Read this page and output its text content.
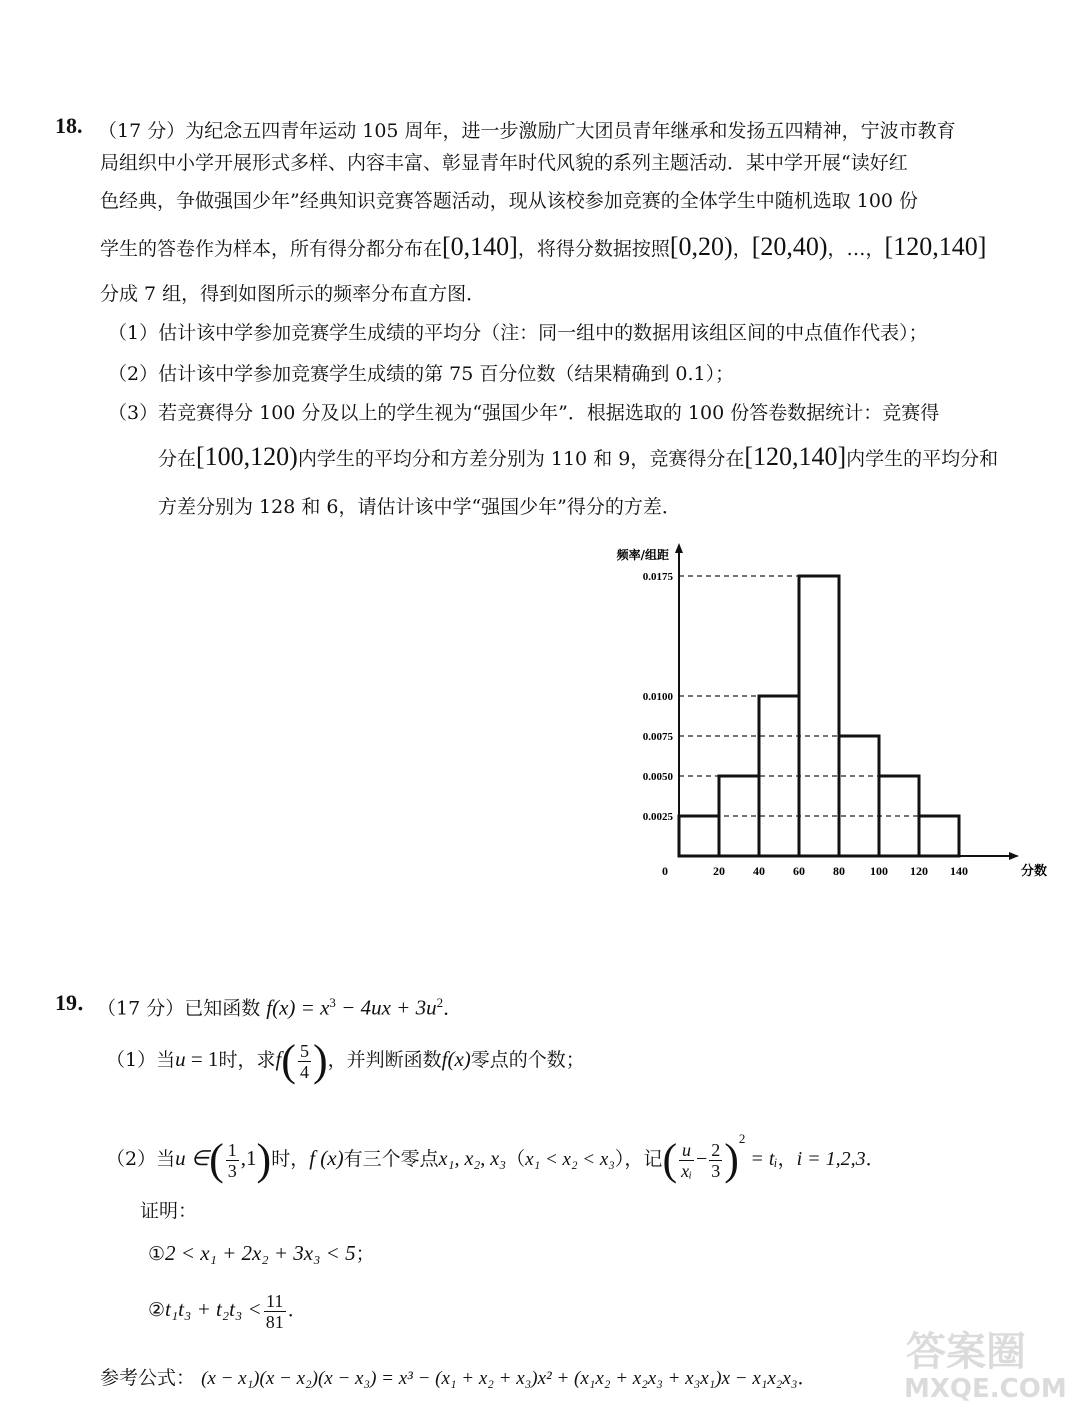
18. （17 分）为纪念五四青年运动 105 周年，进一步激励广大团员青年继承和发扬五四精神，宁波市教育
局组织中小学开展形式多样、内容丰富、彰显青年时代风貌的系列主题活动．某中学开展“读好红
色经典，争做强国少年”经典知识竞赛答题活动，现从该校参加竞赛的全体学生中随机选取 100 份
学生的答卷作为样本，所有得分都分布在[0,140]，将得分数据按照[0,20)，[20,40)，…，[120,140]
分成 7 组，得到如图所示的频率分布直方图．
（1）估计该中学参加竞赛学生成绩的平均分（注：同一组中的数据用该组区间的中点值作代表）；
（2）估计该中学参加竞赛学生成绩的第 75 百分位数（结果精确到 0.1）；
（3）若竞赛得分 100 分及以上的学生视为“强国少年”．根据选取的 100 份答卷数据统计：竞赛得
分在[100,120)内学生的平均分和方差分别为 110 和 9，竞赛得分在[120,140]内学生的平均分和
方差分别为 128 和 6，请估计该中学“强国少年”得分的方差．
0.0025
0.0050
0.0075
0.0100
0.0175
0	20 40 60 80 100 120 140
频率/组距
分数
19．
（17 分）已知函数 $f(x) = x^3 - 4ux + 3u^2$．
（1）当u = 1时，求$f( \frac{5}{4}$ )，并判断函数f(x)零点的个数；
（2）当u ∈( $\frac{1}{3} ,1$)时，f (x)有三个零点x₁, x₂, x₃（x₁ < x₂ < x₃），记( $\frac{u}{\text{xᵢ}} - \frac{2}{3} )^2$ = tᵢ，i = 1,2,3．
证明：
①2 < x₁ + 2x₂ + 3x₃ < 5；
②t₁t₃ + $t_2t_3 < \frac{11}{81}$ ．
参考公式： (x − x₁)(x − x₂)(x − x₃) = x³ − (x₁ + x₂ + x₃)x² + (x₁x₂ + x₂x₃ + x₃x₁)x − x₁x₂x₃．
答案圈
MXQE.COM
